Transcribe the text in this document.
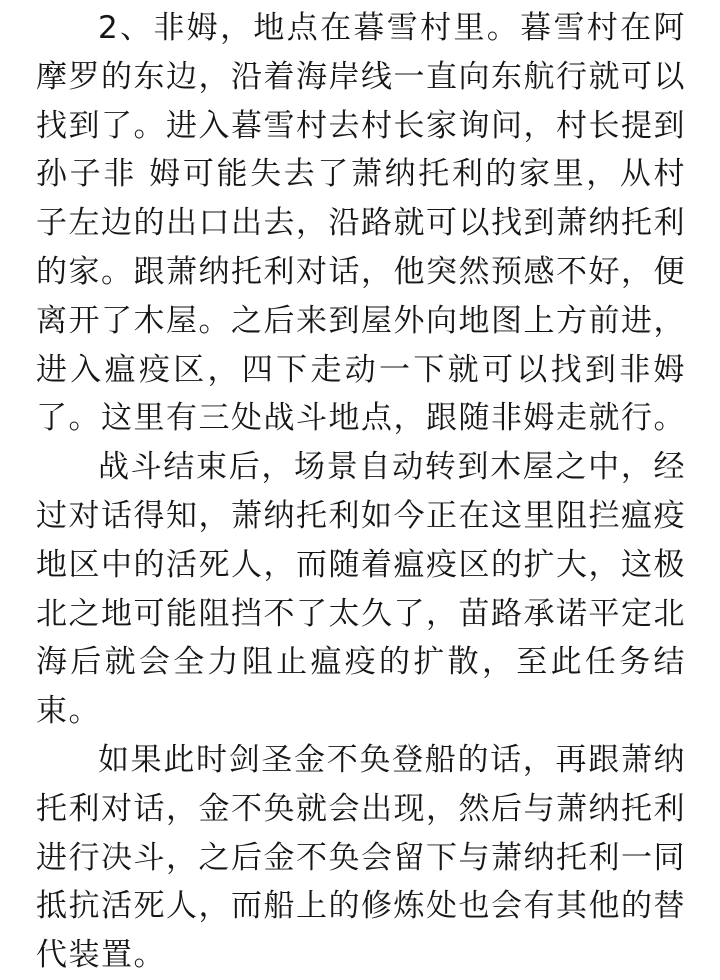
2、非姆，地点在暮雪村里。暮雪村在阿摩罗的东边，沿着海岸线一直向东航行就可以找到了。进入暮雪村去村长家询问，村长提到孙子非 姆可能失去了萧纳托利的家里，从村子左边的出口出去，沿路就可以找到萧纳托利的家。跟萧纳托利对话，他突然预感不好，便离开了木屋。之后来到屋外向地图上方前进，进入瘟疫区，四下走动一下就可以找到非姆了。这里有三处战斗地点，跟随非姆走就行。

战斗结束后，场景自动转到木屋之中，经过对话得知，萧纳托利如今正在这里阻拦瘟疫地区中的活死人，而随着瘟疫区的扩大，这极北之地可能阻挡不了太久了，苗路承诺平定北海后就会全力阻止瘟疫的扩散，至此任务结束。

如果此时剑圣金不奂登船的话，再跟萧纳托利对话，金不奂就会出现，然后与萧纳托利进行决斗，之后金不奂会留下与萧纳托利一同抵抗活死人，而船上的修炼处也会有其他的替代装置。
